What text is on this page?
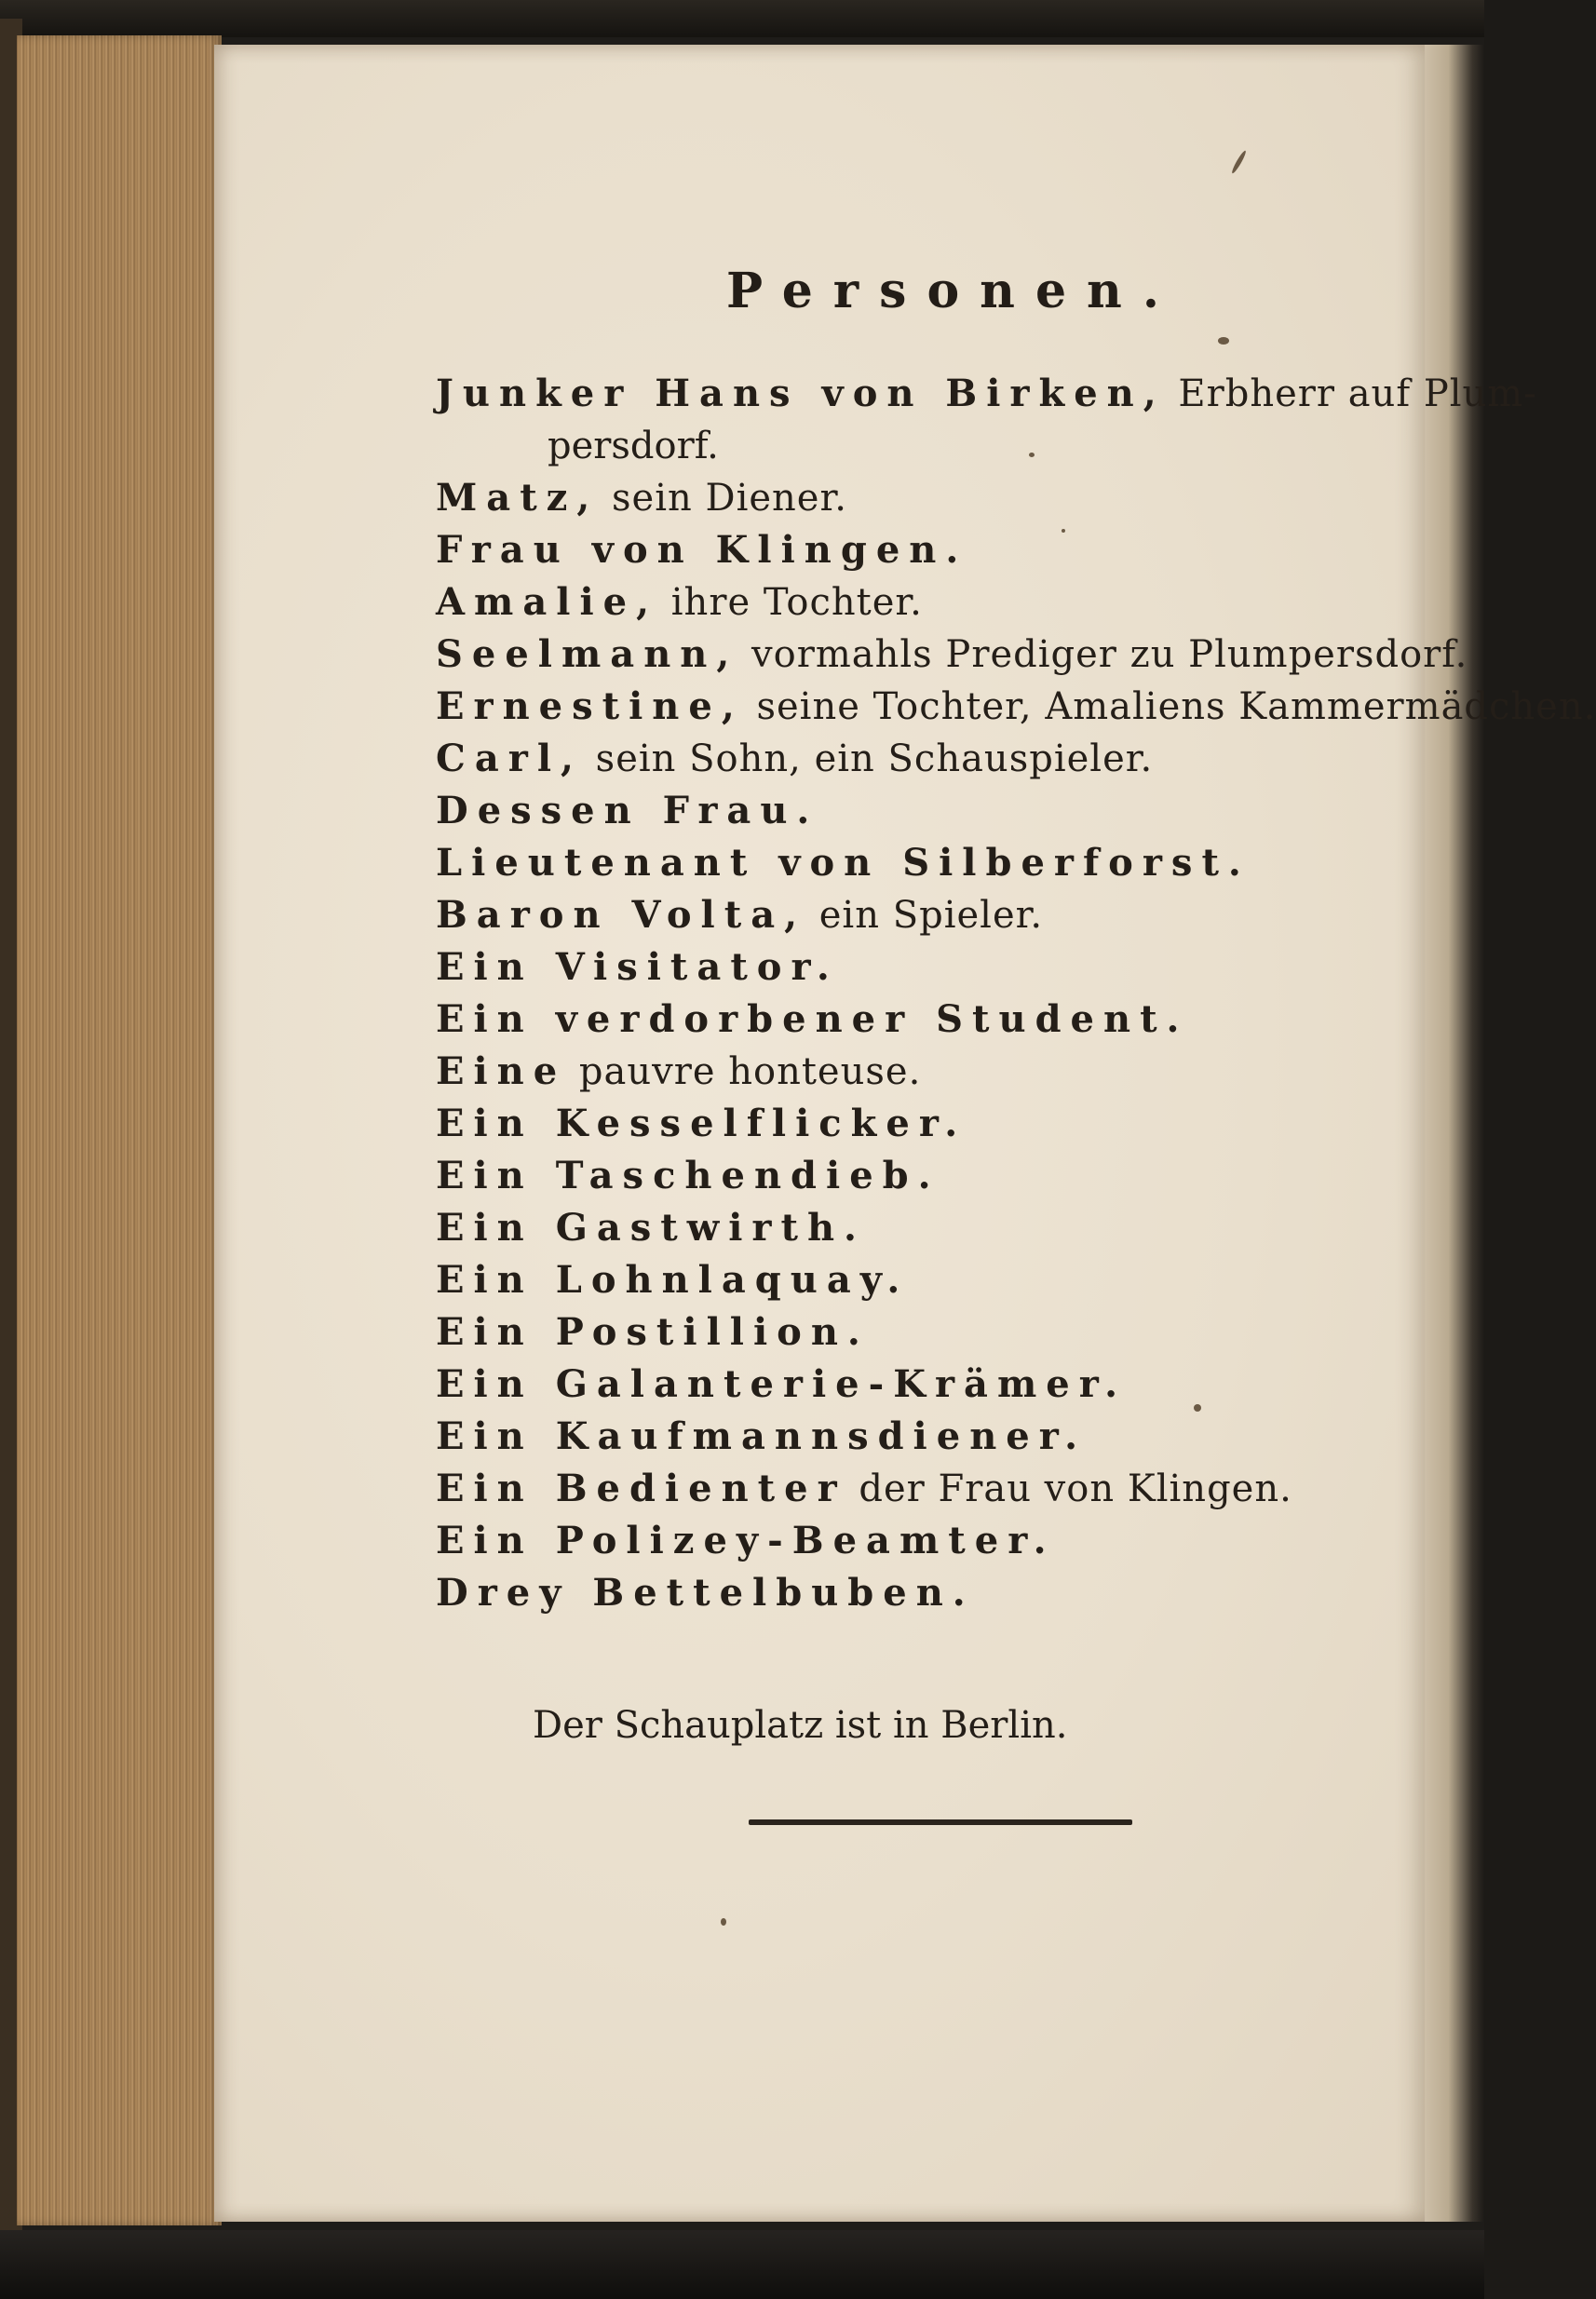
Personen.
Junker Hans von Birken, Erbherr auf Plum-
persdorf.
Matz, sein Diener.
Frau von Klingen.
Amalie, ihre Tochter.
Seelmann, vormahls Prediger zu Plumpersdorf.
Ernestine, seine Tochter, Amaliens Kammermädchen.
Carl, sein Sohn, ein Schauspieler.
Dessen Frau.
Lieutenant von Silberforst.
Baron Volta, ein Spieler.
Ein Visitator.
Ein verdorbener Student.
Eine pauvre honteuse.
Ein Kesselflicker.
Ein Taschendieb.
Ein Gastwirth.
Ein Lohnlaquay.
Ein Postillion.
Ein Galanterie-Krämer.
Ein Kaufmannsdiener.
Ein Bedienter der Frau von Klingen.
Ein Polizey-Beamter.
Drey Bettelbuben.
Der Schauplatz ist in Berlin.
